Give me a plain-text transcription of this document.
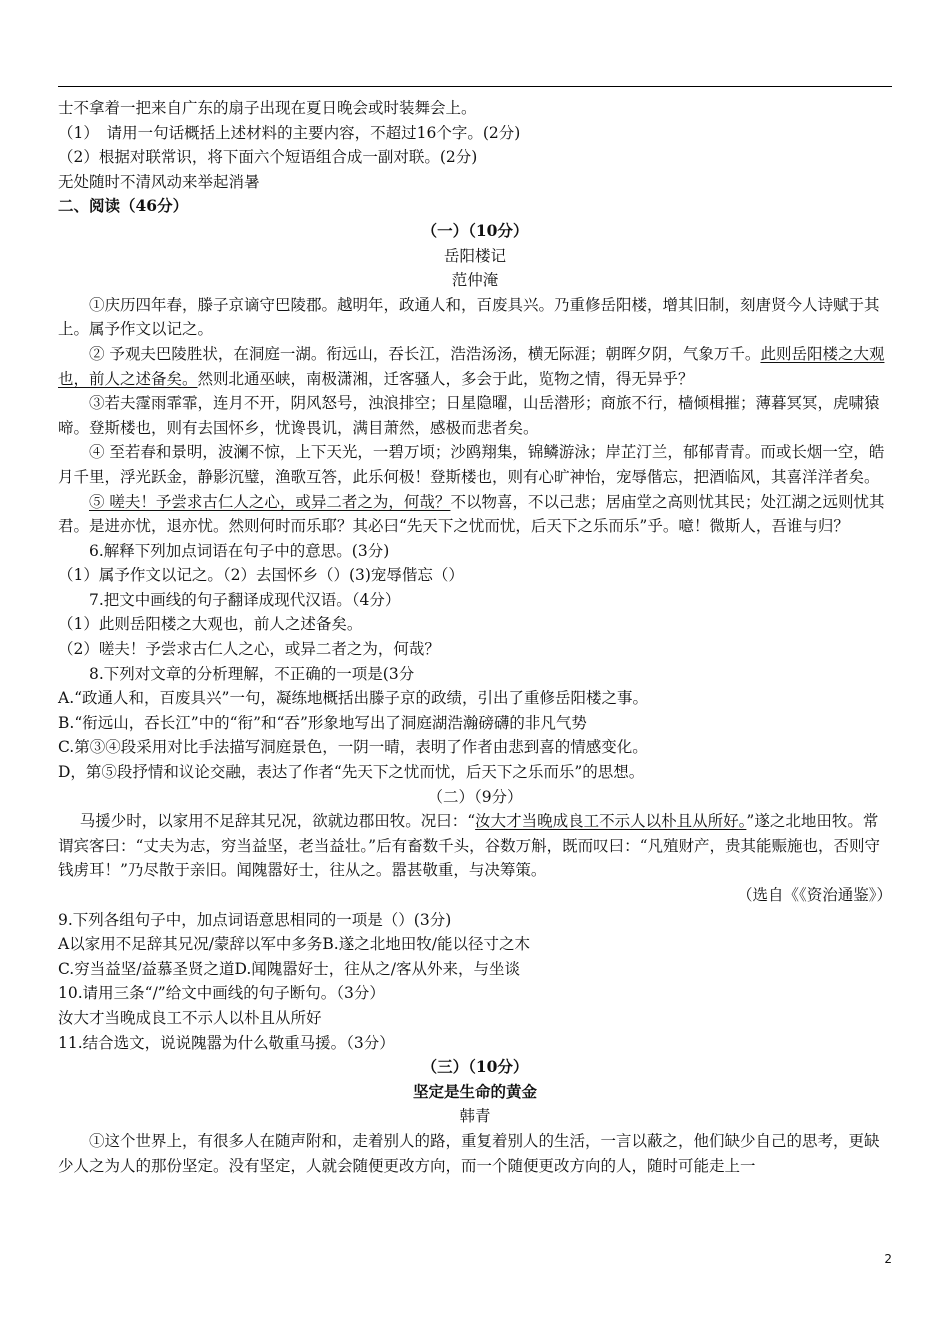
士不拿着一把来自广东的扇子出现在夏日晚会或时装舞会上。

（1）　请用一句话概括上述材料的主要内容，不超过16个字。(2分)

（2）根据对联常识，将下面六个短语组合成一副对联。(2分)

无处随时不清风动来举起消暑

二、阅读（46分）

（一）（10分）

岳阳楼记

范仲淹

①庆历四年春，滕子京谪守巴陵郡。越明年，政通人和，百废具兴。乃重修岳阳楼，增其旧制，刻唐贤今人诗赋于其上。属予作文以记之。

② 予观夫巴陵胜状，在洞庭一湖。衔远山，吞长江，浩浩汤汤，横无际涯；朝晖夕阴，气象万千。此则岳阳楼之大观也，前人之述备矣。然则北通巫峡，南极潇湘，迁客骚人，多会于此，览物之情，得无异乎？

③若夫霪雨霏霏，连月不开，阴风怒号，浊浪排空；日星隐曜，山岳潜形；商旅不行，樯倾楫摧；薄暮冥冥，虎啸猿啼。登斯楼也，则有去国怀乡，忧谗畏讥，满目萧然，感极而悲者矣。

④ 至若春和景明，波澜不惊，上下天光，一碧万顷；沙鸥翔集，锦鳞游泳；岸芷汀兰，郁郁青青。而或长烟一空，皓月千里，浮光跃金，静影沉璧，渔歌互答，此乐何极！登斯楼也，则有心旷神怡，宠辱偕忘，把酒临风，其喜洋洋者矣。

⑤ 嗟夫！予尝求古仁人之心，或异二者之为，何哉？不以物喜，不以己悲；居庙堂之高则忧其民；处江湖之远则忧其君。是进亦忧，退亦忧。然则何时而乐耶？其必曰“先天下之忧而忧，后天下之乐而乐”乎。噫！微斯人，吾谁与归？

6.解释下列加点词语在句子中的意思。(3分)

（1）属予作文以记之。（2）去国怀乡（）(3)宠辱偕忘（）

7.把文中画线的句子翻译成现代汉语。（4分）

（1）此则岳阳楼之大观也，前人之述备矣。

（2）嗟夫！予尝求古仁人之心，或异二者之为，何哉？

8.下列对文章的分析理解，不正确的一项是(3分

A.“政通人和，百废具兴”一句，凝练地概括出滕子京的政绩，引出了重修岳阳楼之事。

B.“衔远山，吞长江”中的“衔”和“吞”形象地写出了洞庭湖浩瀚磅礴的非凡气势

C.第③④段采用对比手法描写洞庭景色，一阴一晴，表明了作者由悲到喜的情感变化。

D，第⑤段抒情和议论交融，表达了作者“先天下之忧而忧，后天下之乐而乐”的思想。

（二）（9分）

马援少时，以家用不足辞其兄况，欲就边郡田牧。况曰：“汝大才当晚成良工不示人以朴且从所好。”遂之北地田牧。常谓宾客曰：“丈夫为志，穷当益坚，老当益壮。”后有畜数千头，谷数万斛，既而叹曰：“凡殖财产，贵其能赈施也，否则守钱虏耳！”乃尽散于亲旧。闻隗嚣好士，往从之。嚣甚敬重，与决筹策。

（选自《《资治通鉴》）

9.下列各组句子中，加点词语意思相同的一项是（）(3分)

A以家用不足辞其兄况/蒙辞以军中多务B.遂之北地田牧/能以径寸之木

C.穷当益坚/益慕圣贤之道D.闻隗嚣好士，往从之/客从外来，与坐谈

10.请用三条“/”给文中画线的句子断句。（3分）

汝大才当晚成良工不示人以朴且从所好

11.结合选文，说说隗嚣为什么敬重马援。（3分）

（三）（10分）

坚定是生命的黄金

韩青

①这个世界上，有很多人在随声附和，走着别人的路，重复着别人的生活，一言以蔽之，他们缺少自己的思考，更缺少人之为人的那份坚定。没有坚定，人就会随便更改方向，而一个随便更改方向的人，随时可能走上一

2
